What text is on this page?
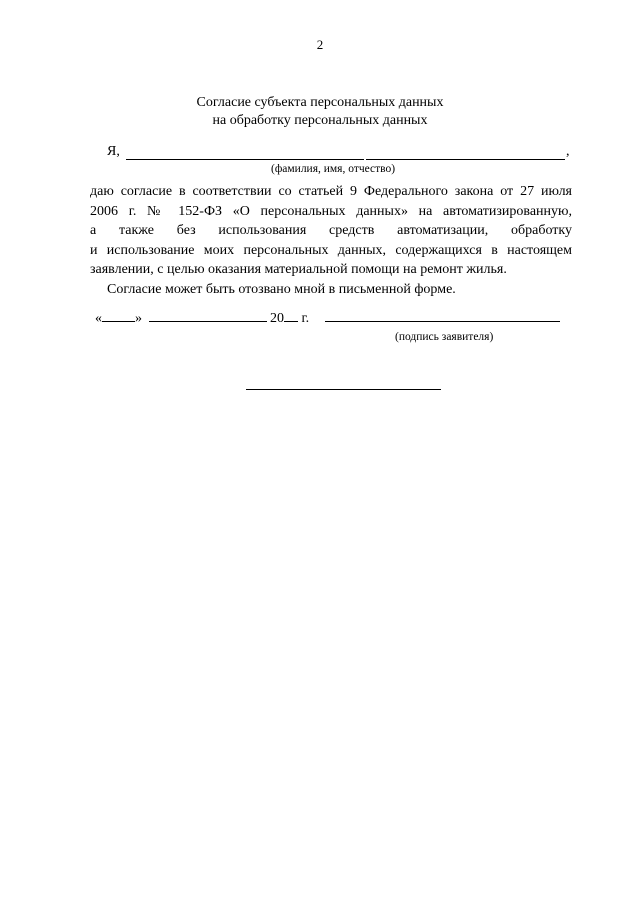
2
Согласие субъекта персональных данных
на обработку персональных данных
Я,	,
(фамилия, имя, отчество)
даю согласие в соответствии со статьей 9 Федерального закона от 27 июля
2006 г. № 152-ФЗ «О персональных данных» на автоматизированную,
а также без использования средств автоматизации, обработку
и использование моих персональных данных, содержащихся в настоящем
заявлении, с целью оказания материальной помощи на ремонт жилья.
Согласие может быть отозвано мной в письменной форме.
« »	20 г.
(подпись заявителя)
